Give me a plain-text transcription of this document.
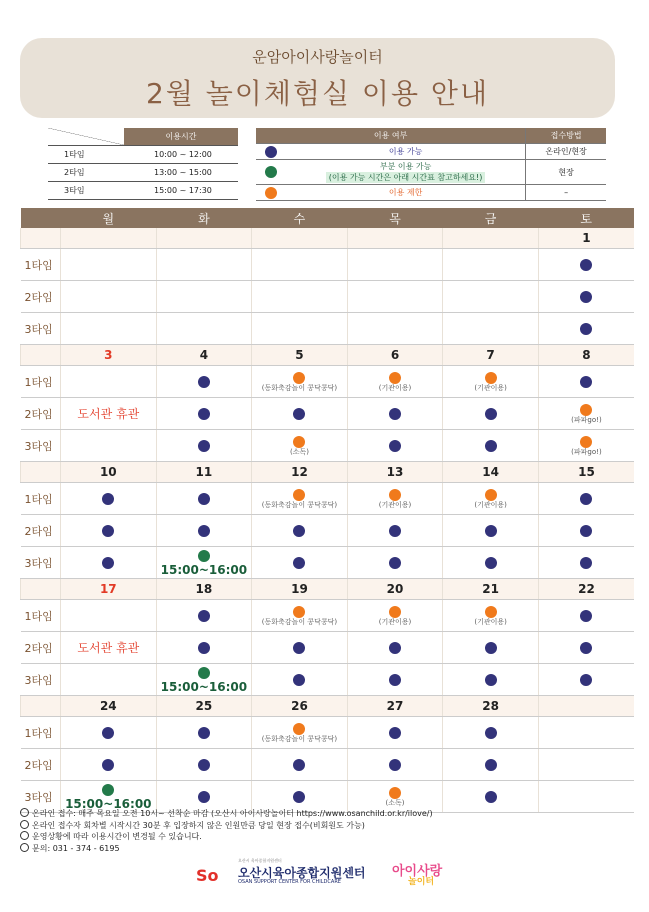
운암아이사랑놀이터
2월 놀이체험실 이용 안내
	이용시간
1타임	10:00 ~ 12:00
2타임	13:00 ~ 15:00
3타임	15:00 ~ 17:30
이용 여부		접수방법
	이용 가능	온라인/현장

	부분 이용 가능
(이용 가능 시간은 아래 시간표 참고하세요!)	현장
	이용 제한	–
	월	화	수	목	금	토
						1
1타임						
2타임						
3타임						
	3	4	5	6	7	8
1타임			(동화축감놀이 콩닥콩닥)	(기관이용)	(기관이용)	

2타임	도서관 휴관					(파파go!)

3타임			(소독)			(파파go!)

	10	11	12	13	14	15
1타임			(동화축감놀이 콩닥콩닥)	(기관이용)	(기관이용)	

2타임						
3타임		15:00~16:00				

	17	18	19	20	21	22
1타임			(동화축감놀이 콩닥콩닥)	(기관이용)	(기관이용)	

2타임	도서관 휴관					
3타임		15:00~16:00				

	24	25	26	27	28	
1타임			(동화축감놀이 콩닥콩닥)			

2타임						
3타임	15:00~16:00			(소독)		

온라인 접수: 매주 목요일 오전 10시~ 선착순 마감 (오산시 아이사랑놀이터 https://www.osanchild.or.kr/ilove/)
온라인 접수자 회차별 시작시간 30분 후 입장하지 않은 인원만큼 당일 현장 접수(비회원도 가능)
운영상황에 따라 이용시간이 변경될 수 있습니다.
문의: 031 - 374 - 6195
So
오산시 육아종합지원센터
오산시육아종합지원센터
OSAN SUPPORT CENTER FOR CHILDCARE
아이사랑
놀이터
